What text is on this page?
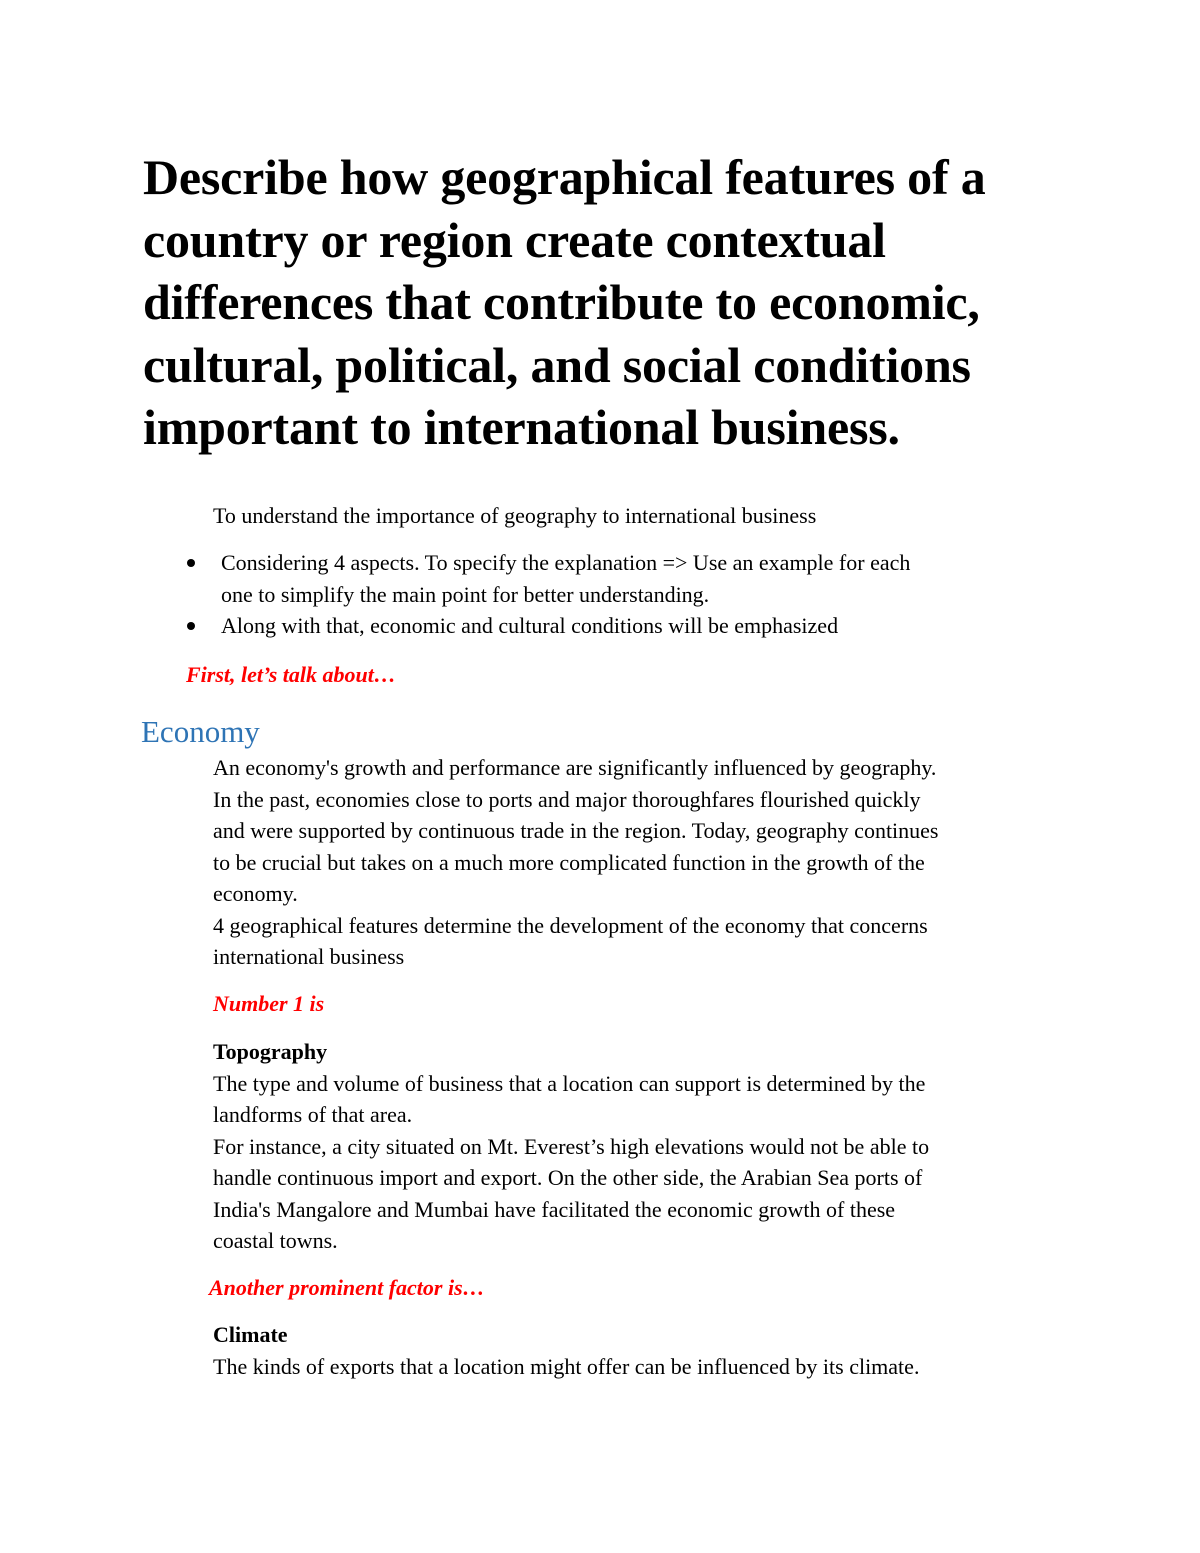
Describe how geographical features of a country or region create contextual differences that contribute to economic, cultural, political, and social conditions important to international business.

To understand the importance of geography to international business

Considering 4 aspects. To specify the explanation => Use an example for each
one to simplify the main point for better understanding.
Along with that, economic and cultural conditions will be emphasized

First, let’s talk about…

Economy

An economy's growth and performance are significantly influenced by geography.
In the past, economies close to ports and major thoroughfares flourished quickly
and were supported by continuous trade in the region. Today, geography continues
to be crucial but takes on a much more complicated function in the growth of the
economy.
4 geographical features determine the development of the economy that concerns
international business

Number 1 is

Topography
The type and volume of business that a location can support is determined by the
landforms of that area.
For instance, a city situated on Mt. Everest’s high elevations would not be able to
handle continuous import and export. On the other side, the Arabian Sea ports of
India's Mangalore and Mumbai have facilitated the economic growth of these
coastal towns.

Another prominent factor is…

Climate
The kinds of exports that a location might offer can be influenced by its climate.
